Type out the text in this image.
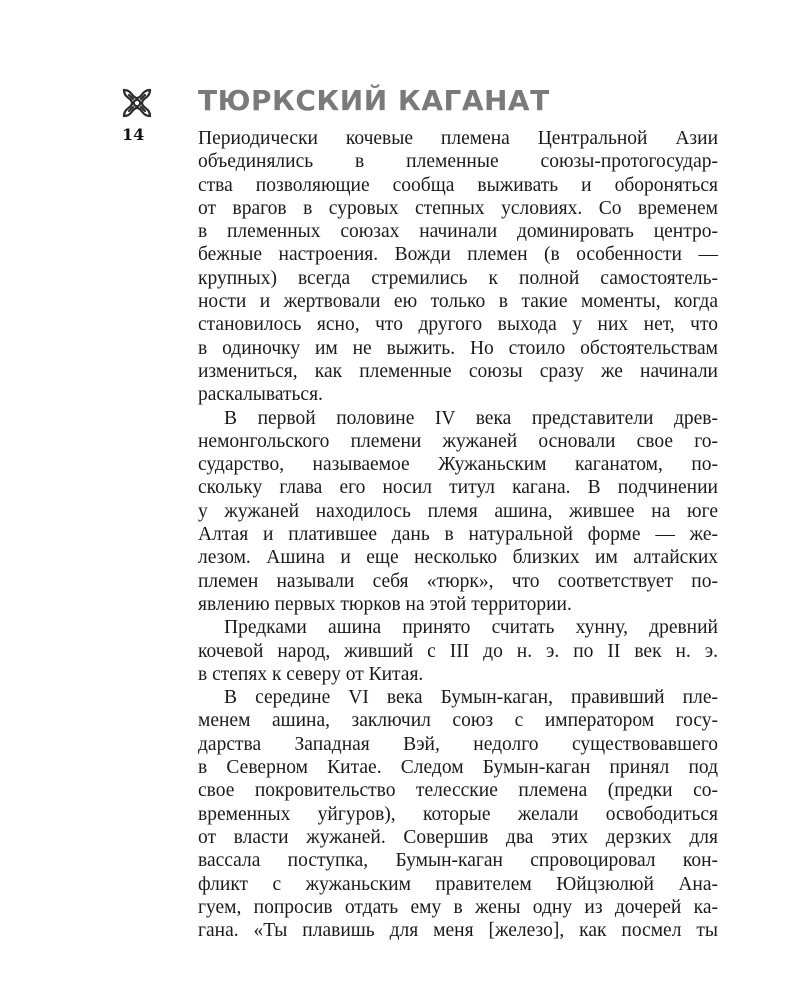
14
ТЮРКСКИЙ КАГАНАТ
Периодически кочевые племена Центральной Азии
объединялись в племенные союзы-протогосудар-
ства позволяющие сообща выживать и обороняться
от врагов в суровых степных условиях. Со временем
в племенных союзах начинали доминировать центро-
бежные настроения. Вожди племен (в особенности —
крупных) всегда стремились к полной самостоятель-
ности и жертвовали ею только в такие моменты, когда
становилось ясно, что другого выхода у них нет, что
в одиночку им не выжить. Но стоило обстоятельствам
измениться, как племенные союзы сразу же начинали
раскалываться.
В первой половине IV века представители древ-
немонгольского племени жужаней основали свое го-
сударство, называемое Жужаньским каганатом, по-
скольку глава его носил титул кагана. В подчинении
у жужаней находилось племя ашина, жившее на юге
Алтая и платившее дань в натуральной форме — же-
лезом. Ашина и еще несколько близких им алтайских
племен называли себя «тюрк», что соответствует по-
явлению первых тюрков на этой территории.
Предками ашина принято считать хунну, древний
кочевой народ, живший с III до н. э. по II век н. э.
в степях к северу от Китая.
В середине VI века Бумын-каган, правивший пле-
менем ашина, заключил союз с императором госу-
дарства Западная Вэй, недолго существовавшего
в Северном Китае. Следом Бумын-каган принял под
свое покровительство телесские племена (предки со-
временных уйгуров), которые желали освободиться
от власти жужаней. Совершив два этих дерзких для
вассала поступка, Бумын-каган спровоцировал кон-
фликт с жужаньским правителем Юйцзюлюй Ана-
гуем, попросив отдать ему в жены одну из дочерей ка-
гана. «Ты плавишь для меня [железо], как посмел ты
